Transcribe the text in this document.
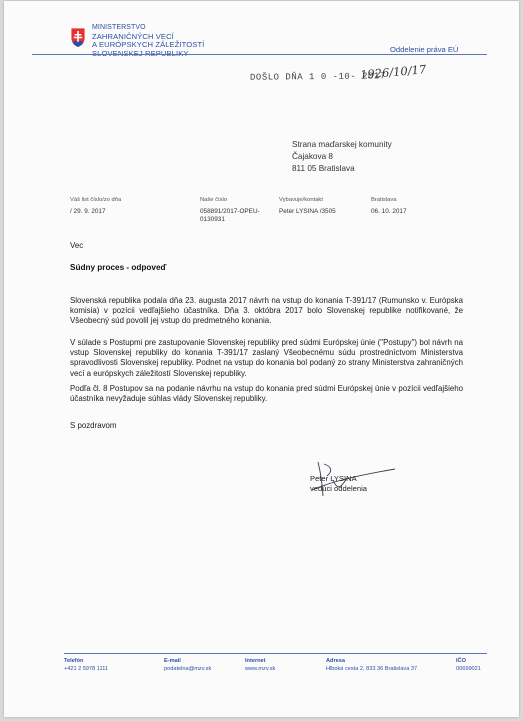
MINISTERSTVO
ZAHRANIČNÝCH VECÍ
A EURÓPSKYCH ZÁLEŽITOSTÍ
SLOVENSKEJ REPUBLIKY	Oddelenie práva EÚ
DOŠLO DŇA 1 0 -10- 2017
1926/10/17
Strana maďarskej komunity
Čajakova 8
811 05 Bratislava
Váš list číslo/zo dňa
/ 29. 9. 2017
Naše číslo
058891/2017-OPEU-
0130931
Vybavuje/kontakt
Peter LYSINA /3505
Bratislava
06. 10. 2017
Vec
Súdny proces - odpoveď
Slovenská republika podala dňa 23. augusta 2017 návrh na vstup do konania T-391/17 (Rumunsko v. Európska komisia) v pozícii vedľajšieho účastníka. Dňa 3. októbra 2017 bolo Slovenskej republike notifikované, že Všeobecný súd povolil jej vstup do predmetného konania.
V súlade s Postupmi pre zastupovanie Slovenskej republiky pred súdmi Európskej únie ("Postupy") bol návrh na vstup Slovenskej republiky do konania T-391/17 zaslaný Všeobecnému súdu prostredníctvom Ministerstva spravodlivosti Slovenskej republiky. Podnet na vstup do konania bol podaný zo strany Ministerstva zahraničných vecí a európskych záležitostí Slovenskej republiky.
Podľa čl. 8 Postupov sa na podanie návrhu na vstup do konania pred súdmi Európskej únie v pozícii vedľajšieho účastníka nevyžaduje súhlas vlády Slovenskej republiky.
S pozdravom
Peter LYSINA
vedúci oddelenia
Telefón
+421 2 5978 1111
E-mail
podatelna@mzv.sk
Internet
www.mzv.sk
Adresa
Hlboká cesta 2, 833 36 Bratislava 37
IČO
00699021
